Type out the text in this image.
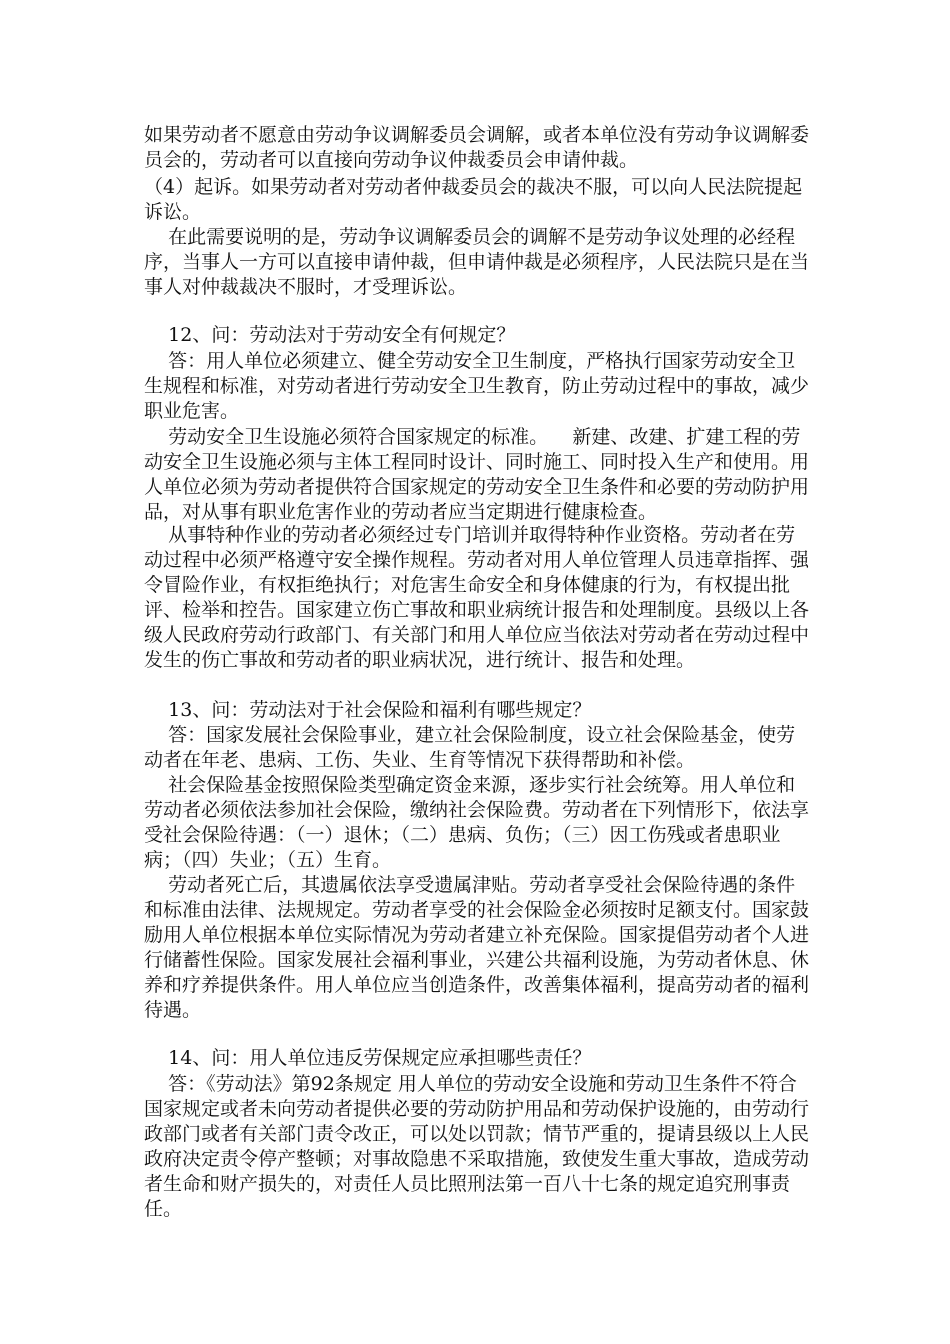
如果劳动者不愿意由劳动争议调解委员会调解，或者本单位没有劳动争议调解委员会的，劳动者可以直接向劳动争议仲裁委员会申请仲裁。

（4）起诉。如果劳动者对劳动者仲裁委员会的裁决不服，可以向人民法院提起诉讼。

在此需要说明的是，劳动争议调解委员会的调解不是劳动争议处理的必经程序，当事人一方可以直接申请仲裁，但申请仲裁是必须程序，人民法院只是在当事人对仲裁裁决不服时，才受理诉讼。

12、问：劳动法对于劳动安全有何规定？

答：用人单位必须建立、健全劳动安全卫生制度，严格执行国家劳动安全卫生规程和标准，对劳动者进行劳动安全卫生教育，防止劳动过程中的事故，减少职业危害。

劳动安全卫生设施必须符合国家规定的标准。    新建、改建、扩建工程的劳动安全卫生设施必须与主体工程同时设计、同时施工、同时投入生产和使用。用人单位必须为劳动者提供符合国家规定的劳动安全卫生条件和必要的劳动防护用品，对从事有职业危害作业的劳动者应当定期进行健康检查。

从事特种作业的劳动者必须经过专门培训并取得特种作业资格。劳动者在劳动过程中必须严格遵守安全操作规程。劳动者对用人单位管理人员违章指挥、强令冒险作业，有权拒绝执行；对危害生命安全和身体健康的行为，有权提出批评、检举和控告。国家建立伤亡事故和职业病统计报告和处理制度。县级以上各级人民政府劳动行政部门、有关部门和用人单位应当依法对劳动者在劳动过程中发生的伤亡事故和劳动者的职业病状况，进行统计、报告和处理。

13、问：劳动法对于社会保险和福利有哪些规定？

答：国家发展社会保险事业，建立社会保险制度，设立社会保险基金，使劳动者在年老、患病、工伤、失业、生育等情况下获得帮助和补偿。

社会保险基金按照保险类型确定资金来源，逐步实行社会统筹。用人单位和劳动者必须依法参加社会保险，缴纳社会保险费。劳动者在下列情形下，依法享受社会保险待遇：（一）退休；（二）患病、负伤；（三）因工伤残或者患职业病；（四）失业；（五）生育。

劳动者死亡后，其遗属依法享受遗属津贴。劳动者享受社会保险待遇的条件和标准由法律、法规规定。劳动者享受的社会保险金必须按时足额支付。国家鼓励用人单位根据本单位实际情况为劳动者建立补充保险。国家提倡劳动者个人进行储蓄性保险。国家发展社会福利事业，兴建公共福利设施，为劳动者休息、休养和疗养提供条件。用人单位应当创造条件，改善集体福利，提高劳动者的福利待遇。

14、问：用人单位违反劳保规定应承担哪些责任？

答：《劳动法》第92条规定 用人单位的劳动安全设施和劳动卫生条件不符合国家规定或者未向劳动者提供必要的劳动防护用品和劳动保护设施的，由劳动行政部门或者有关部门责令改正，可以处以罚款；情节严重的，提请县级以上人民政府决定责令停产整顿；对事故隐患不采取措施，致使发生重大事故，造成劳动者生命和财产损失的，对责任人员比照刑法第一百八十七条的规定追究刑事责任。
